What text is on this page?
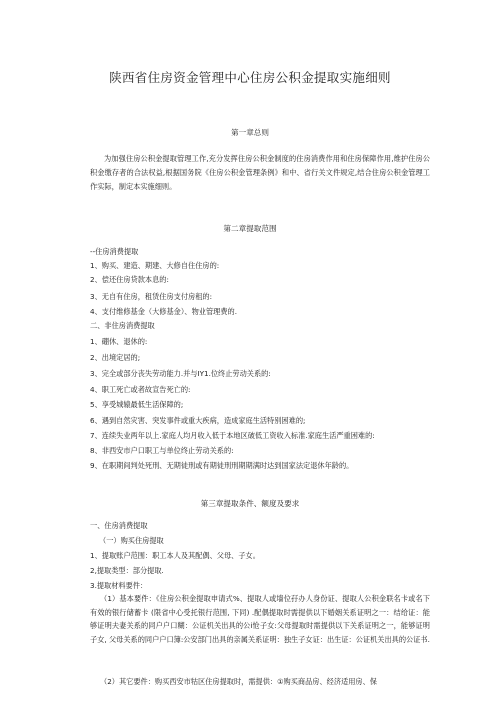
陕西省住房资金管理中心住房公积金提取实施细则
第一章总则
为加强住房公积金提取管理工作,充分发挥住房公积金制度的住房消费作用和住房保障作用,维护住房公积金缴存者的合法权益,根据国务院《住房公积金管理条例》和中、省行关文件规定,结合住房公积金管理工作实际，制定本实施细则。
第二章提取范围
--住房消费提取
1、购买、建造、期建、大修自住住房的:
2、偿还住房贷款本息的:
3、无自有住房，租赁住房支付房租的:
4、支付维修基金（大修基金）、物业管理费的.
二、非住房消费提取
1、硼休、退休的:
2、出境定居的;
3、完全或部分丧失劳动能力.并与IY1.位终止劳动关系的:
4、职工死亡或者故宣告死亡的:
5、享受城辕最低生活保障的;
6、遇到自然灾害、突发事件或重大疾病，造成家庭生活特别困难的;
7、连续失业两年以上.家庭人均月收入低于本地区破低工资收入标准.家庭生活严重困难的:
8、非西安市户口职工与单位终止劳动关系的:
9、在职期间判处死刑、无期徒刑或有期徒刑刑期期满时达到国家法定退休年龄的。
第三章提取条件、额度及要求
一、住房消费提取
（一）购买住房提取
1、提取账户范围：职工本人及其配偶、父母、子女。
2,提取类型：部分提取.
3.提取材料要件：
（1）基本要件：《住房公积金提取申请式%、提取人或墙位孖办人身份证、提取人公积金联名卡或名下有效的银行储蓄卡 (限省中心受托银行范围, 下同) .配偶提取时需提供以下婚姻关系证明之一：结给证：能够证明夫妻关系的同户户口糊：公证机关出具的公i怆子女:父母提取时需提供以下关系证明之一，能够证明子女, 父母关系的同户户口簿:公安部门出具的亲属关系证明：独生子女证：出生证：公证机关出具的公证书.
（2）其它要件：购买西安市牯区住房提取时，需提供：①购买商品房、经济适用房、保
